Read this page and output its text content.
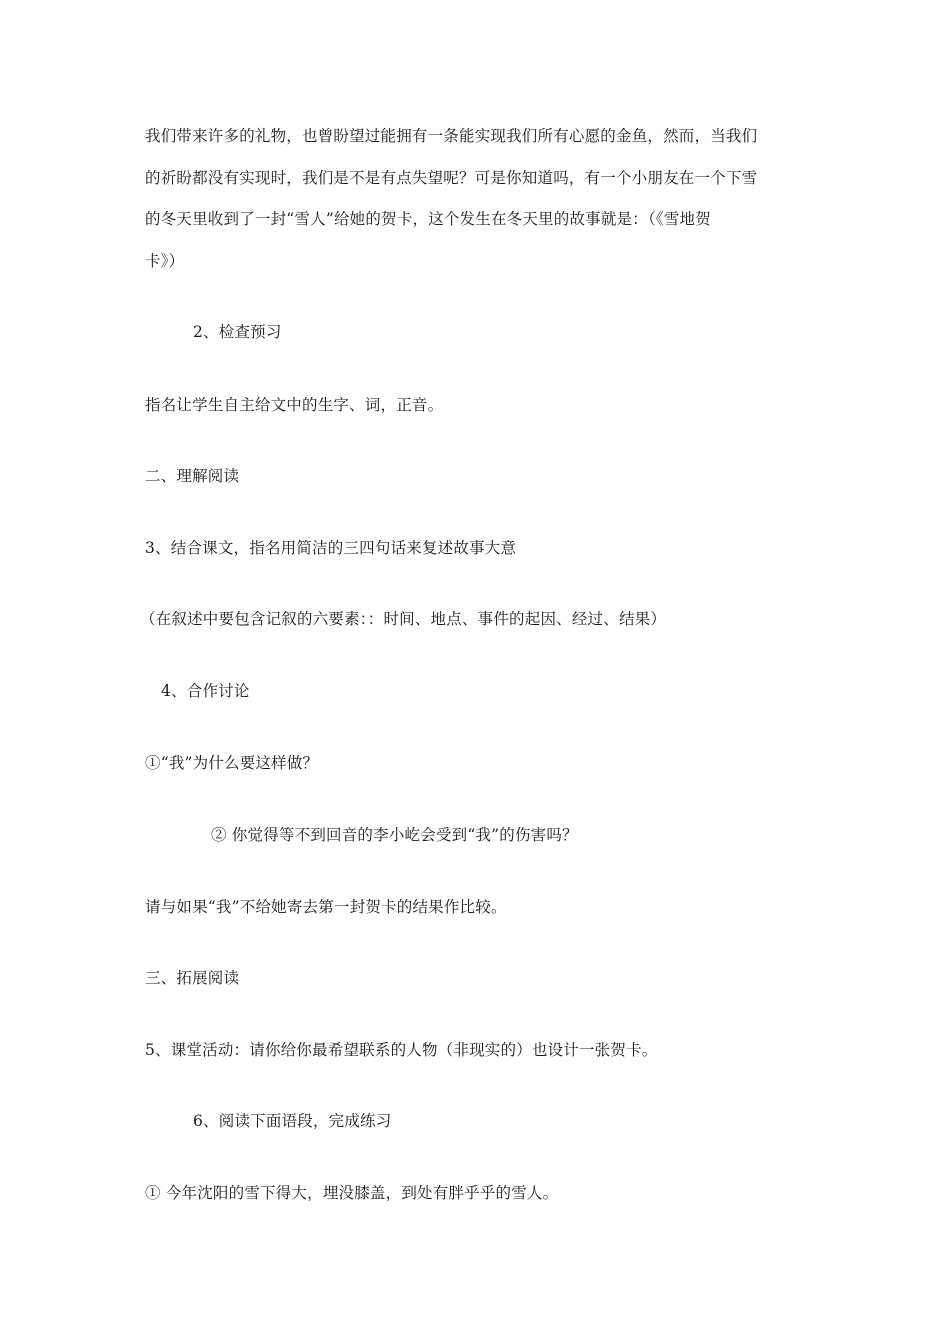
我们带来许多的礼物，也曾盼望过能拥有一条能实现我们所有心愿的金鱼，然而，当我们
的祈盼都没有实现时，我们是不是有点失望呢？可是你知道吗，有一个小朋友在一个下雪
的冬天里收到了一封“雪人”给她的贺卡，这个发生在冬天里的故事就是：（《雪地贺
卡》）
2、检查预习
指名让学生自主给文中的生字、词，正音。
二、理解阅读
3、结合课文，指名用简洁的三四句话来复述故事大意
（在叙述中要包含记叙的六要素：：时间、地点、事件的起因、经过、结果）
4、合作讨论
①“我”为什么要这样做？
② 你觉得等不到回音的李小屹会受到“我”的伤害吗？
请与如果“我”不给她寄去第一封贺卡的结果作比较。
三、拓展阅读
5、课堂活动：请你给你最希望联系的人物（非现实的）也设计一张贺卡。
6、阅读下面语段，完成练习
① 今年沈阳的雪下得大，埋没膝盖，到处有胖乎乎的雪人。
